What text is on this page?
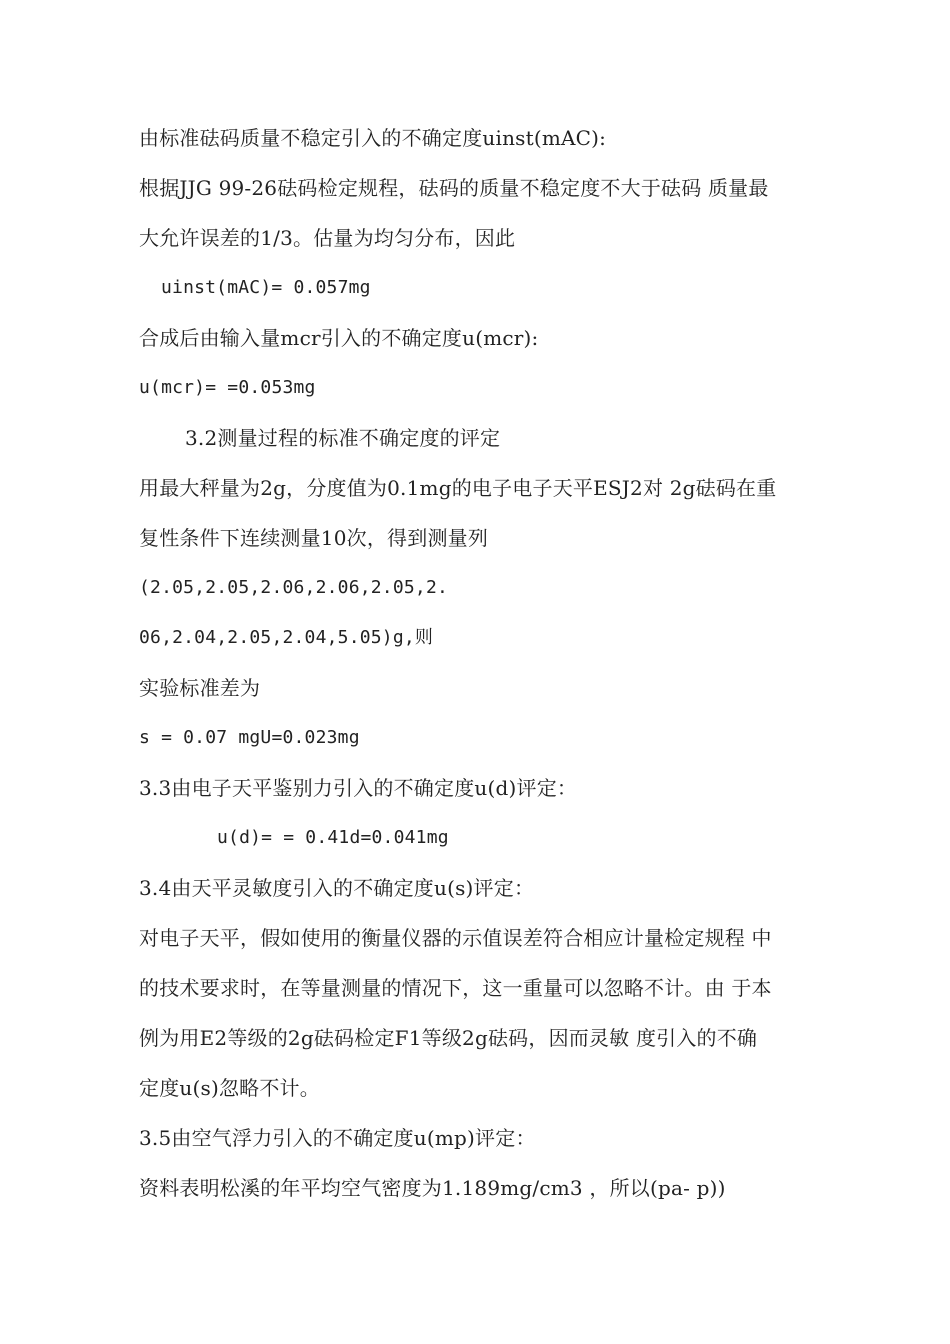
由标准砝码质量不稳定引入的不确定度uinst(mAC):
根据JJG 99-26砝码检定规程，砝码的质量不稳定度不大于砝码 质量最
大允许误差的1/3。估量为均匀分布，因此
uinst(mAC)= 0.057mg
合成后由输入量mcr引入的不确定度u(mcr):
u(mcr)= =0.053mg
3.2测量过程的标准不确定度的评定
用最大秤量为2g，分度值为0.1mg的电子电子天平ESJ2对 2g砝码在重
复性条件下连续测量10次，得到测量列
(2.05,2.05,2.06,2.06,2.05,2.
06,2.04,2.05,2.04,5.05)g,则
实验标准差为
s = 0.07 mgU=0.023mg
3.3由电子天平鉴别力引入的不确定度u(d)评定：
u(d)= = 0.41d=0.041mg
3.4由天平灵敏度引入的不确定度u(s)评定：
对电子天平，假如使用的衡量仪器的示值误差符合相应计量检定规程 中
的技术要求时，在等量测量的情况下，这一重量可以忽略不计。由 于本
例为用E2等级的2g砝码检定F1等级2g砝码，因而灵敏 度引入的不确
定度u(s)忽略不计。
3.5由空气浮力引入的不确定度u(mp)评定：
资料表明松溪的年平均空气密度为1.189mg/cm3 ，所以(pa- p))
